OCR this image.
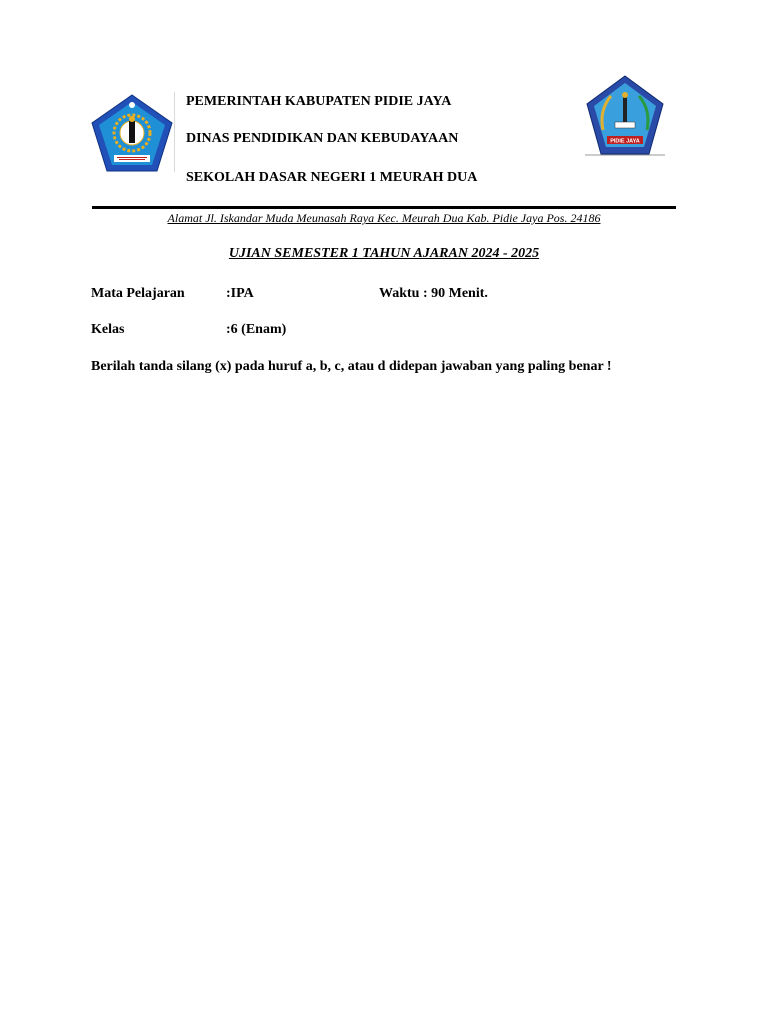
PEMERINTAH KABUPATEN PIDIE JAYA
DINAS PENDIDIKAN DAN KEBUDAYAAN
SEKOLAH DASAR NEGERI 1 MEURAH DUA
PIDIE JAYA
Alamat Jl. Iskandar Muda Meunasah Raya Kec. Meurah Dua Kab. Pidie Jaya Pos. 24186
UJIAN SEMESTER 1 TAHUN AJARAN 2024 - 2025
Mata Pelajaran	:IPA	Waktu : 90 Menit.
Kelas	:6 (Enam)
Berilah tanda silang (x) pada huruf a, b, c, atau d didepan jawaban yang paling benar !
